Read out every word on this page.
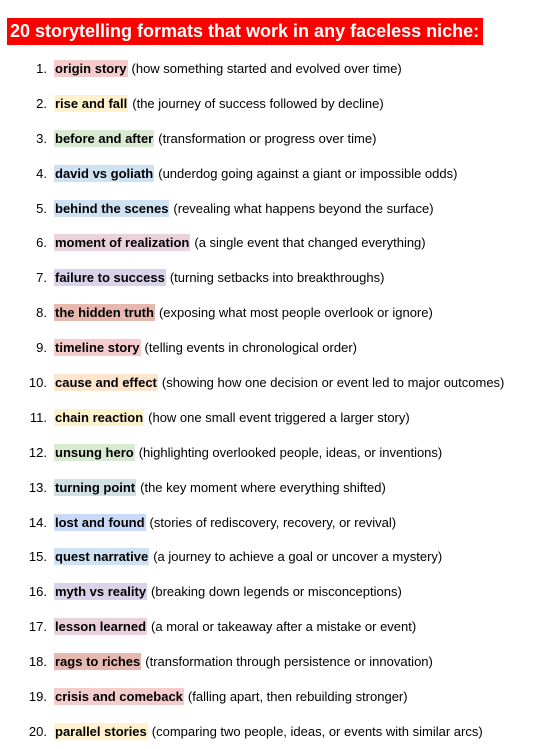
20 storytelling formats that work in any faceless niche:
1. origin story (how something started and evolved over time)
2. rise and fall (the journey of success followed by decline)
3. before and after (transformation or progress over time)
4. david vs goliath (underdog going against a giant or impossible odds)
5. behind the scenes (revealing what happens beyond the surface)
6. moment of realization (a single event that changed everything)
7. failure to success (turning setbacks into breakthroughs)
8. the hidden truth (exposing what most people overlook or ignore)
9. timeline story (telling events in chronological order)
10. cause and effect (showing how one decision or event led to major outcomes)
11. chain reaction (how one small event triggered a larger story)
12. unsung hero (highlighting overlooked people, ideas, or inventions)
13. turning point (the key moment where everything shifted)
14. lost and found (stories of rediscovery, recovery, or revival)
15. quest narrative (a journey to achieve a goal or uncover a mystery)
16. myth vs reality (breaking down legends or misconceptions)
17. lesson learned (a moral or takeaway after a mistake or event)
18. rags to riches (transformation through persistence or innovation)
19. crisis and comeback (falling apart, then rebuilding stronger)
20. parallel stories (comparing two people, ideas, or events with similar arcs)
